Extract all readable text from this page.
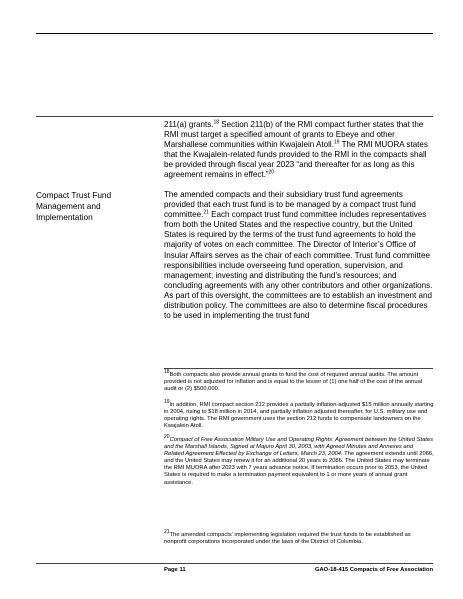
211(a) grants.$^{18}$ Section 211(b) of the RMI compact further states that the RMI must target a specified amount of grants to Ebeye and other Marshallese communities within Kwajalein Atoll.$^{19}$ The RMI MUORA states that the Kwajalein-related funds provided to the RMI in the compacts shall be provided through fiscal year 2023 “and thereafter for as long as this agreement remains in effect.”$^{20}$

Compact Trust Fund Management and Implementation

The amended compacts and their subsidiary trust fund agreements provided that each trust fund is to be managed by a compact trust fund committee.$^{21}$ Each compact trust fund committee includes representatives from both the United States and the respective country, but the United States is required by the terms of the trust fund agreements to hold the majority of votes on each committee. The Director of Interior’s Office of Insular Affairs serves as the chair of each committee. Trust fund committee responsibilities include overseeing fund operation, supervision, and management; investing and distributing the fund’s resources; and concluding agreements with any other contributors and other organizations. As part of this oversight, the committees are to establish an investment and distribution policy. The committees are also to determine fiscal procedures to be used in implementing the trust fund

$^{18}$Both compacts also provide annual grants to fund the cost of required annual audits. The amount provided is not adjusted for inflation and is equal to the lesser of (1) one half of the cost of the annual audit or (2) $500,000.

$^{19}$In addition, RMI compact section 212 provides a partially inflation-adjusted $15 million annually starting in 2004, rising to $18 million in 2014, and partially inflation adjusted thereafter, for U.S. military use and operating rights. The RMI government uses the section 212 funds to compensate landowners on the Kwajalein Atoll.

$^{20}$Compact of Free Association Military Use and Operating Rights: Agreement between the United States and the Marshall Islands, Signed at Majuro April 30, 2003, with Agreed Minutes and Annexes and Related Agreement Effected by Exchange of Letters, March 23, 2004. The agreement extends until 2066, and the United States may renew it for an additional 20 years to 2086. The United States may terminate the RMI MUORA after 2023 with 7 years advance notice. If termination occurs prior to 2053, the United States is required to make a termination payment equivalent to 1 or more years of annual grant assistance.

$^{21}$The amended compacts’ implementing legislation required the trust funds to be established as nonprofit corporations incorporated under the laws of the District of Columbia.

Page 11	GAO-18-415 Compacts of Free Association
